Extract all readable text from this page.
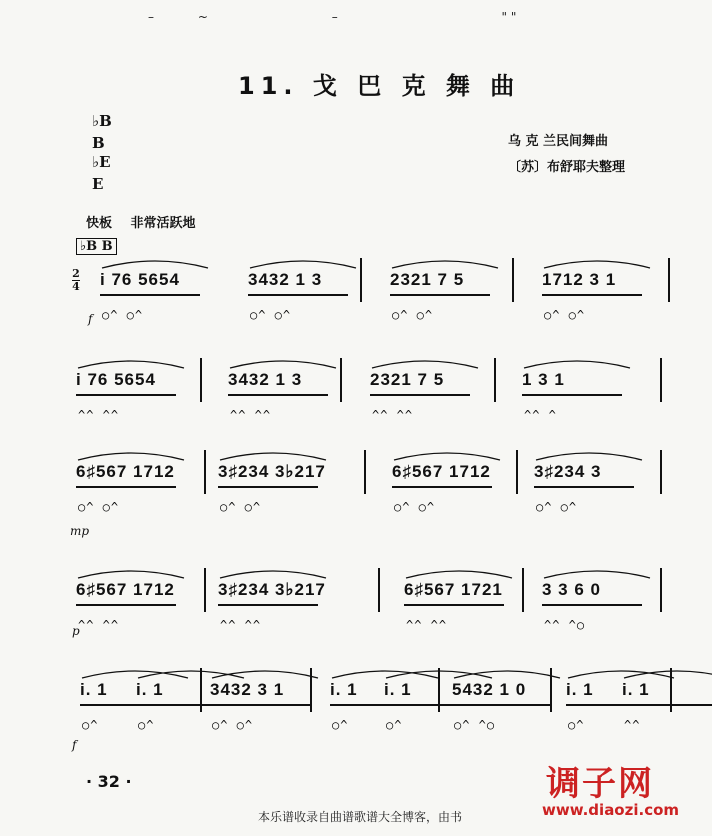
–	~	–	" "
11. 戈 巴 克 舞 曲
♭B
B
♭E
E
乌 克 兰民间舞曲
〔苏〕布舒耶夫整理
快板 非常活跃地
♭B B
2
4 i 76 5654
○^ ○^
3432 1 3
○^ ○^
2321 7 5
○^ ○^
1712 3 1
○^ ○^
f
i 76 5654
^^ ^^
3432 1 3
^^ ^^
2321 7 5
^^ ^^
1 3 1
^^ ^
6♯567 1712
○^ ○^
3♯234 3♭217
○^ ○^
6♯567 1712
○^ ○^
3♯234 3
○^ ○^
mp
6♯567 1712
^^ ^^
3♯234 3♭217
^^ ^^
6♯567 1721
^^ ^^
3 3 6 0
^^ ^○
p
i. 1
○^
i. 1
○^
3432 3 1
○^ ○^
i. 1
○^
i. 1
○^
5432 1 0
○^ ^○
i. 1
○^
i. 1
^^
f
· 32 ·	调子网
www.diaozi.com
本乐谱收录自曲谱歌谱大全博客，由书
